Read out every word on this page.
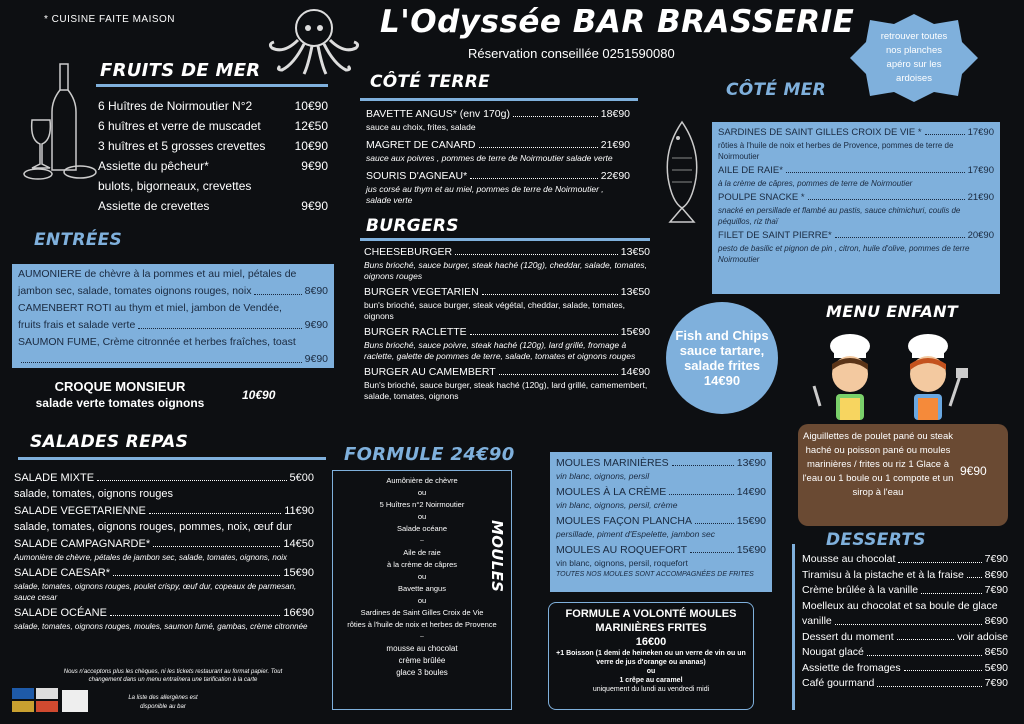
* CUISINE FAITE MAISON	L'Odyssée BAR BRASSERIE
Réservation conseillée 0251590080
retrouver toutes nos planches apéro sur les ardoises
FRUITS DE MER
6 Huîtres de Noirmoutier N°2	10€90
6 huîtres et verre de muscadet	12€50
3 huîtres et 5 grosses crevettes 10€90
Assiette du pêcheur*	9€90
bulots, bigorneaux, crevettes
Assiette de crevettes	9€90
ENTRÉES
AUMONIERE de chèvre à la pommes et au miel, pétales de
jambon sec, salade, tomates oignons rouges, noix	8€90
CAMENBERT ROTI au thym et miel, jambon de Vendée,
fruits frais et salade verte	9€90
SAUMON FUME, Crème citronnée et herbes fraîches, toast
9€90
CROQUE MONSIEUR
salade verte tomates oignons
10€90
SALADES REPAS
SALADE MIXTE	5€00
salade, tomates, oignons rouges
SALADE VEGETARIENNE	11€90
salade, tomates, oignons rouges, pommes, noix, œuf dur
SALADE CAMPAGNARDE*	14€50
Aumonière de chèvre, pétales de jambon sec, salade, tomates, oignons, noix
SALADE CAESAR*	15€90
salade, tomates, oignons rouges, poulet crispy, œuf dur, copeaux de parmesan, sauce cesar
SALADE OCÉANE	16€90
salade, tomates, oignons rouges, moules, saumon fumé, gambas, crème citronnée
Nous n'acceptons plus les chèques, ni les tickets restaurant au format papier. Tout changement dans un menu entraînera une tarification à la carte
La liste des allergènes est disponible au bar
CÔTÉ TERRE
BAVETTE ANGUS* (env 170g)	18€90
sauce au choix, frites, salade
MAGRET DE CANARD	21€90
sauce aux poivres , pommes de terre de Noirmoutier salade verte
SOURIS D'AGNEAU*	22€90
jus corsé au thym et au miel, pommes de terre de Noirmoutier , salade verte
BURGERS
CHEESEBURGER	13€50
Buns brioché, sauce burger, steak haché (120g), cheddar, salade, tomates, oignons rouges
BURGER VEGETARIEN	13€50
bun's brioché, sauce burger, steak végétal, cheddar, salade, tomates, oignons
BURGER RACLETTE	15€90
Buns brioché, sauce poivre, steak haché (120g), lard grillé, fromage à raclette, galette de pommes de terre, salade, tomates et oignons rouges
BURGER AU CAMEMBERT	14€90
Bun's brioché, sauce burger, steak haché (120g), lard grillé, camemembert, salade, tomates, oignons
FORMULE 24€90
Aumônière de chèvre
ou
5 Huîtres n°2 Noirmoutier
ou
Salade océane
~
Aile de raie
à la crème de câpres
ou
Bavette angus
ou
Sardines de Saint Gilles Croix de Vie
rôties à l'huile de noix et herbes de Provence
~
mousse au chocolat
crème brûlée
glace 3 boules
MOULES
MOULES MARINIÈRES	13€90
vin blanc, oignons, persil
MOULES À LA CRÈME	14€90
vin blanc, oignons, persil, crème
MOULES FAÇON PLANCHA	15€90
persillade, piment d'Espelette, jambon sec
MOULES AU ROQUEFORT	15€90
vin blanc, oignons, persil, roquefort
TOUTES NOS MOULES SONT ACCOMPAGNÉES DE FRITES
FORMULE A VOLONTÉ MOULES MARINIÈRES FRITES
16€00
+1 Boisson (1 demi de heineken ou un verre de vin ou un verre de jus d'orange ou ananas)
ou
1 crêpe au caramel
uniquement du lundi au vendredi midi
CÔTÉ MER
SARDINES DE SAINT GILLES CROIX DE VIE *	17€90
rôties à l'huile de noix et herbes de Provence, pommes de terre de Noirmoutier
AILE DE RAIE*	17€90
à la crème de câpres, pommes de terre de Noirmoutier
POULPE SNACKE *	21€90
snacké en persillade et flambé au pastis, sauce chimichuri, coulis de péquillos, riz thaï
FILET DE SAINT PIERRE*	20€90
pesto de basilic et pignon de pin , citron, huile d'olive, pommes de terre Noirmoutier
Fish and Chips sauce tartare, salade frites
14€90
MENU ENFANT
Aiguillettes de poulet pané ou steak haché ou poisson pané ou moules marinières / frites ou riz 1 Glace à l'eau ou 1 boule ou 1 compote et un sirop à l'eau
9€90
DESSERTS
Mousse au chocolat	7€90
Tiramisu à la pistache et à la fraise 8€90
Crème brûlée à la vanille	7€90
Moelleux au chocolat et sa boule de glace
vanille	8€90
Dessert du moment	voir adoise
Nougat glacé	8€50
Assiette de fromages	5€90
Café gourmand	7€90
